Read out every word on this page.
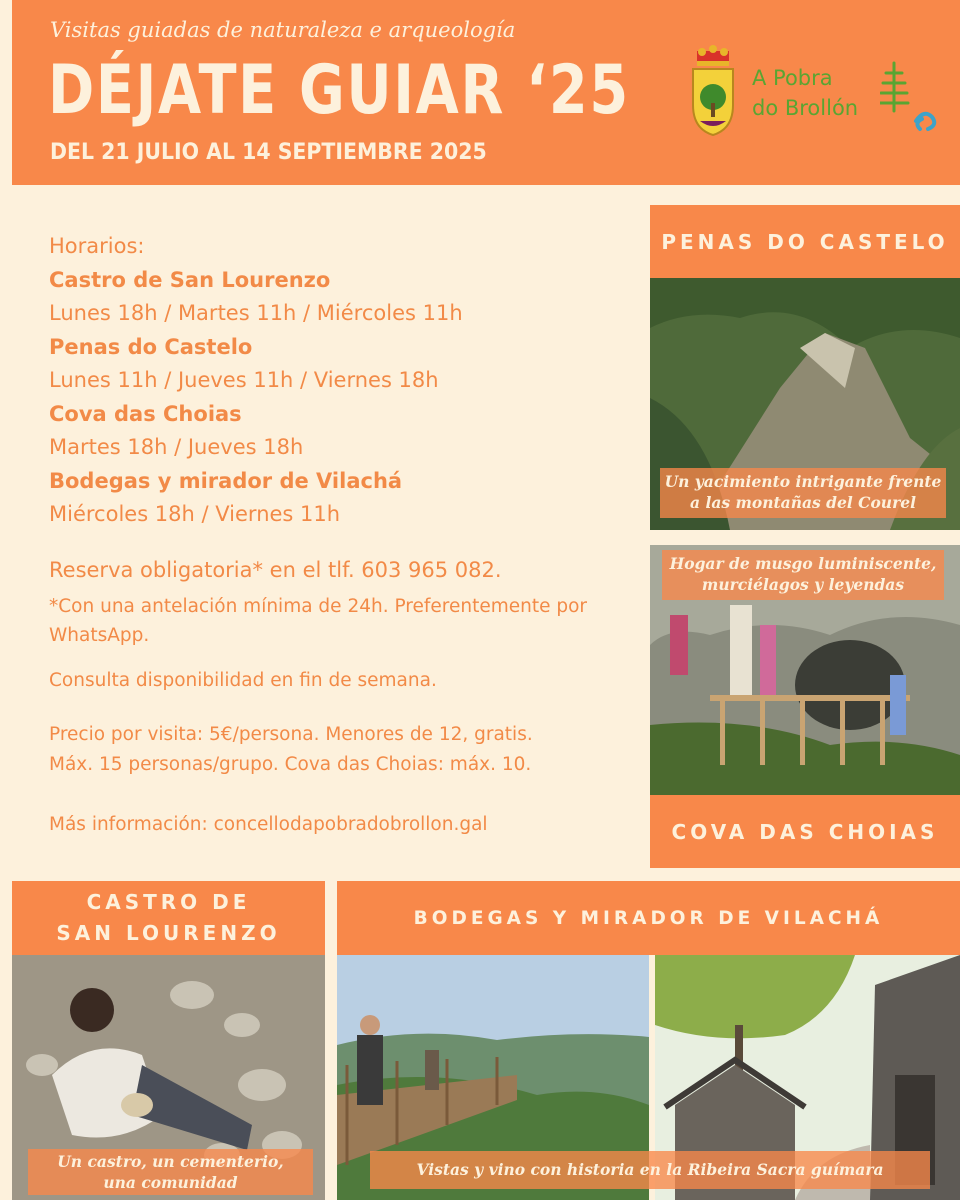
Visitas guiadas de naturaleza e arqueología
DÉJATE GUIAR ‘25
DEL 21 JULIO AL 14 SEPTIEMBRE 2025
A Pobra
do Brollón
Horarios:
Castro de San Lourenzo
Lunes 18h / Martes 11h / Miércoles 11h
Penas do Castelo
Lunes 11h / Jueves 11h / Viernes 18h
Cova das Choias
Martes 18h / Jueves 18h
Bodegas y mirador de Vilachá
Miércoles 18h / Viernes 11h
Reserva obligatoria* en el tlf. 603 965 082.
*Con una antelación mínima de 24h. Preferentemente por WhatsApp.
Consulta disponibilidad en fin de semana.
Precio por visita: 5€/persona. Menores de 12, gratis.
Máx. 15 personas/grupo. Cova das Choias: máx. 10.
Más información: concellodapobradobrollon.gal
PENAS DO CASTELO
Un yacimiento intrigante frente a las montañas del Courel
Hogar de musgo luminiscente, murciélagos y leyendas
COVA DAS CHOIAS
CASTRO DE
SAN LOURENZO
Un castro, un cementerio,
una comunidad
BODEGAS Y MIRADOR DE VILACHÁ
Vistas y vino con historia en la Ribeira Sacra guímara
